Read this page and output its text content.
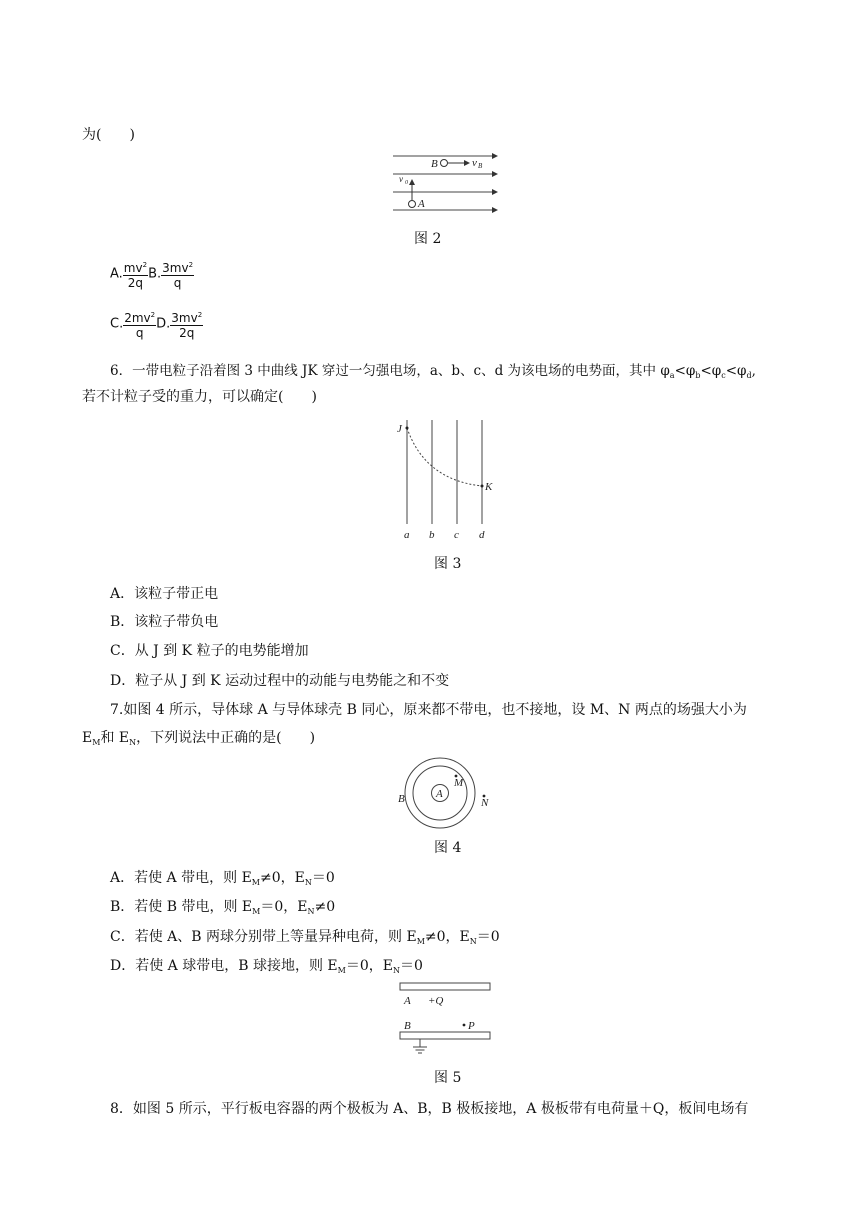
为(　　)
B	v B
v 0
A
图 2
A. $\frac{mv^2}{2q} B$. $\frac{3mv^2}{q}$
C. $\frac{2mv^2}{q} D$. $\frac{3mv^2}{2q}$
6．一带电粒子沿着图 3 中曲线 JK 穿过一匀强电场，a、b、c、d 为该电场的电势面，其中 $\varphi_a<\varphi_b<\varphi_c<\varphi_d$,
若不计粒子受的重力，可以确定(　　)
J
K
a b c d
图 3
A．该粒子带正电
B．该粒子带负电
C．从 J 到 K 粒子的电势能增加
D．粒子从 J 到 K 运动过程中的动能与电势能之和不变
7.如图 4 所示，导体球 A 与导体球壳 B 同心，原来都不带电，也不接地，设 M、N 两点的场强大小为
$E_M$和 $E_N$，下列说法中正确的是(　　)
A
B
M
N
图 4
A．若使 A 带电，则 $E_M\ne 0$，$E_N=0$
B．若使 B 带电，则 $E_M=0$，$E_N\ne 0$
C．若使 A、B 两球分别带上等量异种电荷，则 $E_M\ne 0$，$E_N=0$
D．若使 A 球带电，B 球接地，则 $E_M=0$，$E_N=0$
A +Q
B	P
图 5
8．如图 5 所示，平行板电容器的两个极板为 A、B，B 极板接地，A 极板带有电荷量＋Q，板间电场有
